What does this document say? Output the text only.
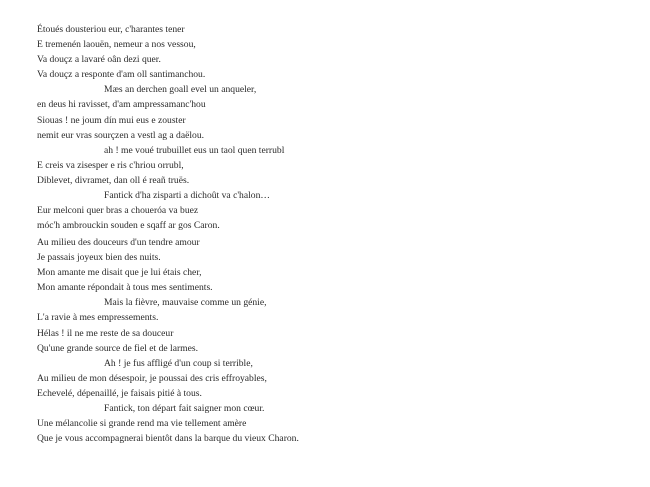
Étoués dousteriou eur, c'harantes tener
E tremenén laouën, nemeur a nos vessou,
Va douçz a lavaré oân dezi quer.
Va douçz a responte d'am oll santimanchou.
Mæs an derchen goall evel un anqueler,
en deus hi ravisset, d'am ampressamanc'hou
Siouas ! ne joum dín mui eus e zouster
nemit eur vras sourçzen a vestl ag a daëlou.
ah ! me voué trubuillet eus un taol quen terrubl
E creis va zisesper e ris c'hriou orrubl,
Diblevet, divramet, dan oll é reañ truës.
Fantick d'ha zisparti a dichoût va c'halon…
Eur melconi quer bras a choueróa va buez
móc'h ambrouckin souden e sqaff ar gos Caron.
Au milieu des douceurs d'un tendre amour
Je passais joyeux bien des nuits.
Mon amante me disait que je lui étais cher,
Mon amante répondait à tous mes sentiments.
Mais la fièvre, mauvaise comme un génie,
L'a ravie à mes empressements.
Hélas ! il ne me reste de sa douceur
Qu'une grande source de fiel et de larmes.
Ah ! je fus affligé d'un coup si terrible,
Au milieu de mon désespoir, je poussai des cris effroyables,
Echevelé, dépenaillé, je faisais pitié à tous.
Fantick, ton départ fait saigner mon cœur.
Une mélancolie si grande rend ma vie tellement amère
Que je vous accompagnerai bientôt dans la barque du vieux Charon.
